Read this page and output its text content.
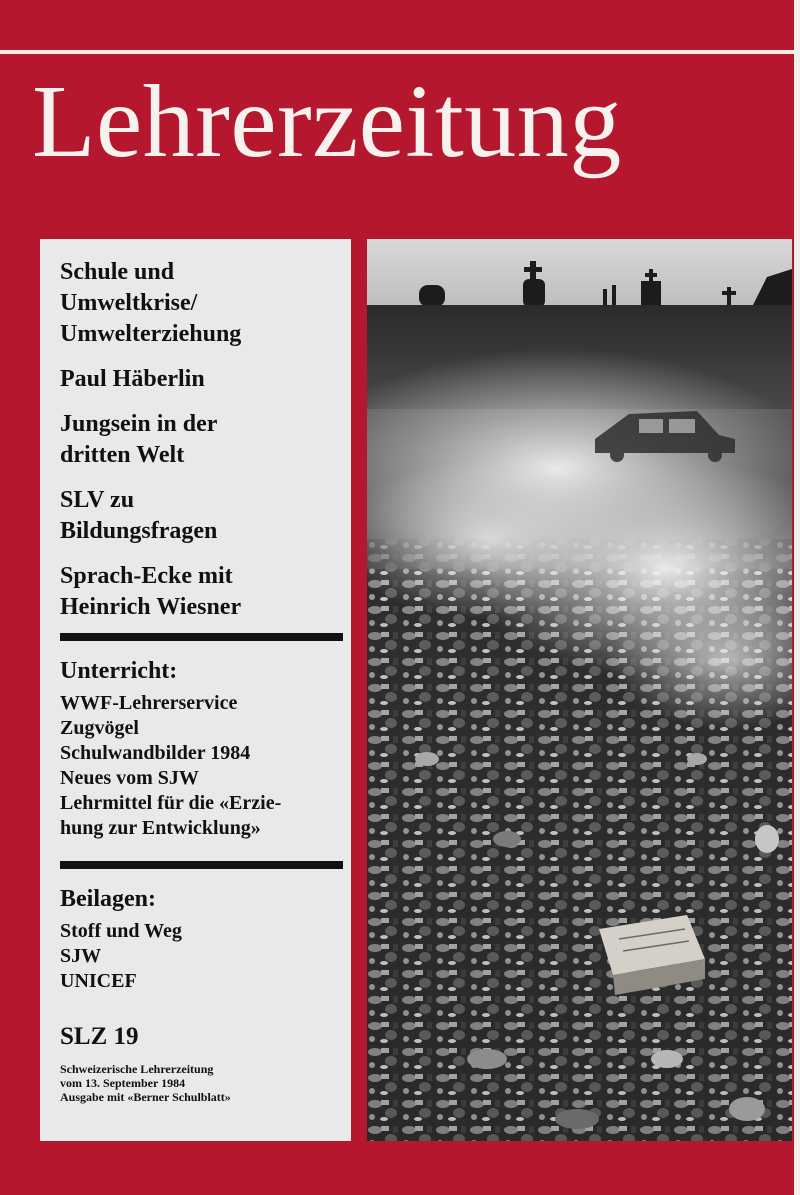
Lehrerzeitung
Schule und
Umweltkrise/
Umwelterziehung
Paul Häberlin
Jungsein in der
dritten Welt
SLV zu
Bildungsfragen
Sprach-Ecke mit
Heinrich Wiesner
Unterricht:
WWF-Lehrerservice
Zugvögel
Schulwandbilder 1984
Neues vom SJW
Lehrmittel für die «Erzie-
hung zur Entwicklung»
Beilagen:
Stoff und Weg
SJW
UNICEF
SLZ 19
Schweizerische Lehrerzeitung
vom 13. September 1984
Ausgabe mit «Berner Schulblatt»
